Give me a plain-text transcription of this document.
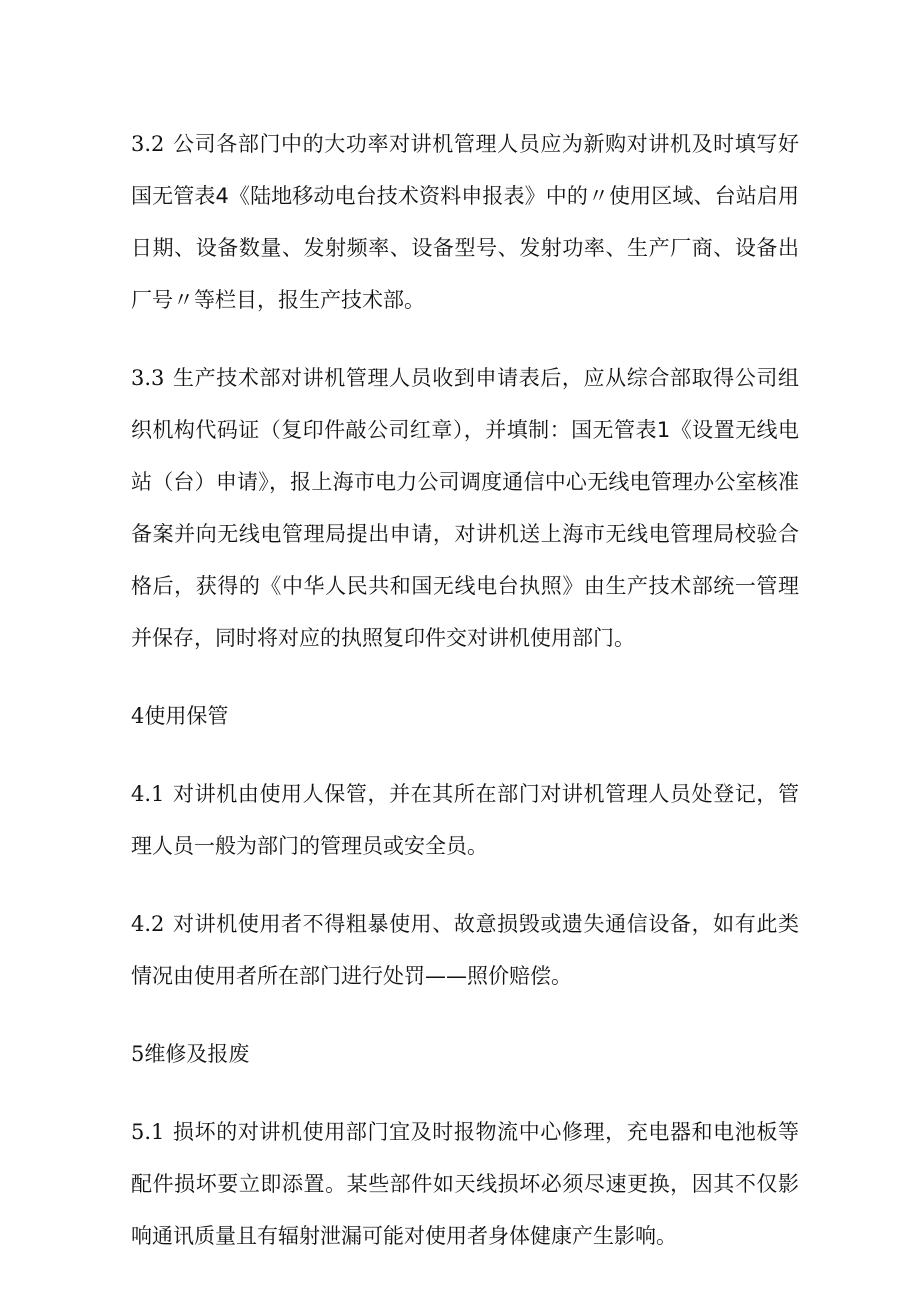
3.2 公司各部门中的大功率对讲机管理人员应为新购对讲机及时填写好国无管表4《陆地移动电台技术资料申报表》中的〃使用区域、台站启用日期、设备数量、发射频率、设备型号、发射功率、生产厂商、设备出厂号〃等栏目，报生产技术部。

3.3 生产技术部对讲机管理人员收到申请表后，应从综合部取得公司组织机构代码证（复印件敲公司红章），并填制：国无管表1《设置无线电站（台）申请》，报上海市电力公司调度通信中心无线电管理办公室核准备案并向无线电管理局提出申请，对讲机送上海市无线电管理局校验合格后，获得的《中华人民共和国无线电台执照》由生产技术部统一管理并保存，同时将对应的执照复印件交对讲机使用部门。

4使用保管

4.1 对讲机由使用人保管，并在其所在部门对讲机管理人员处登记，管理人员一般为部门的管理员或安全员。

4.2 对讲机使用者不得粗暴使用、故意损毁或遗失通信设备，如有此类情况由使用者所在部门进行处罚——照价赔偿。

5维修及报废

5.1 损坏的对讲机使用部门宜及时报物流中心修理，充电器和电池板等配件损坏要立即添置。某些部件如天线损坏必须尽速更换，因其不仅影响通讯质量且有辐射泄漏可能对使用者身体健康产生影响。
